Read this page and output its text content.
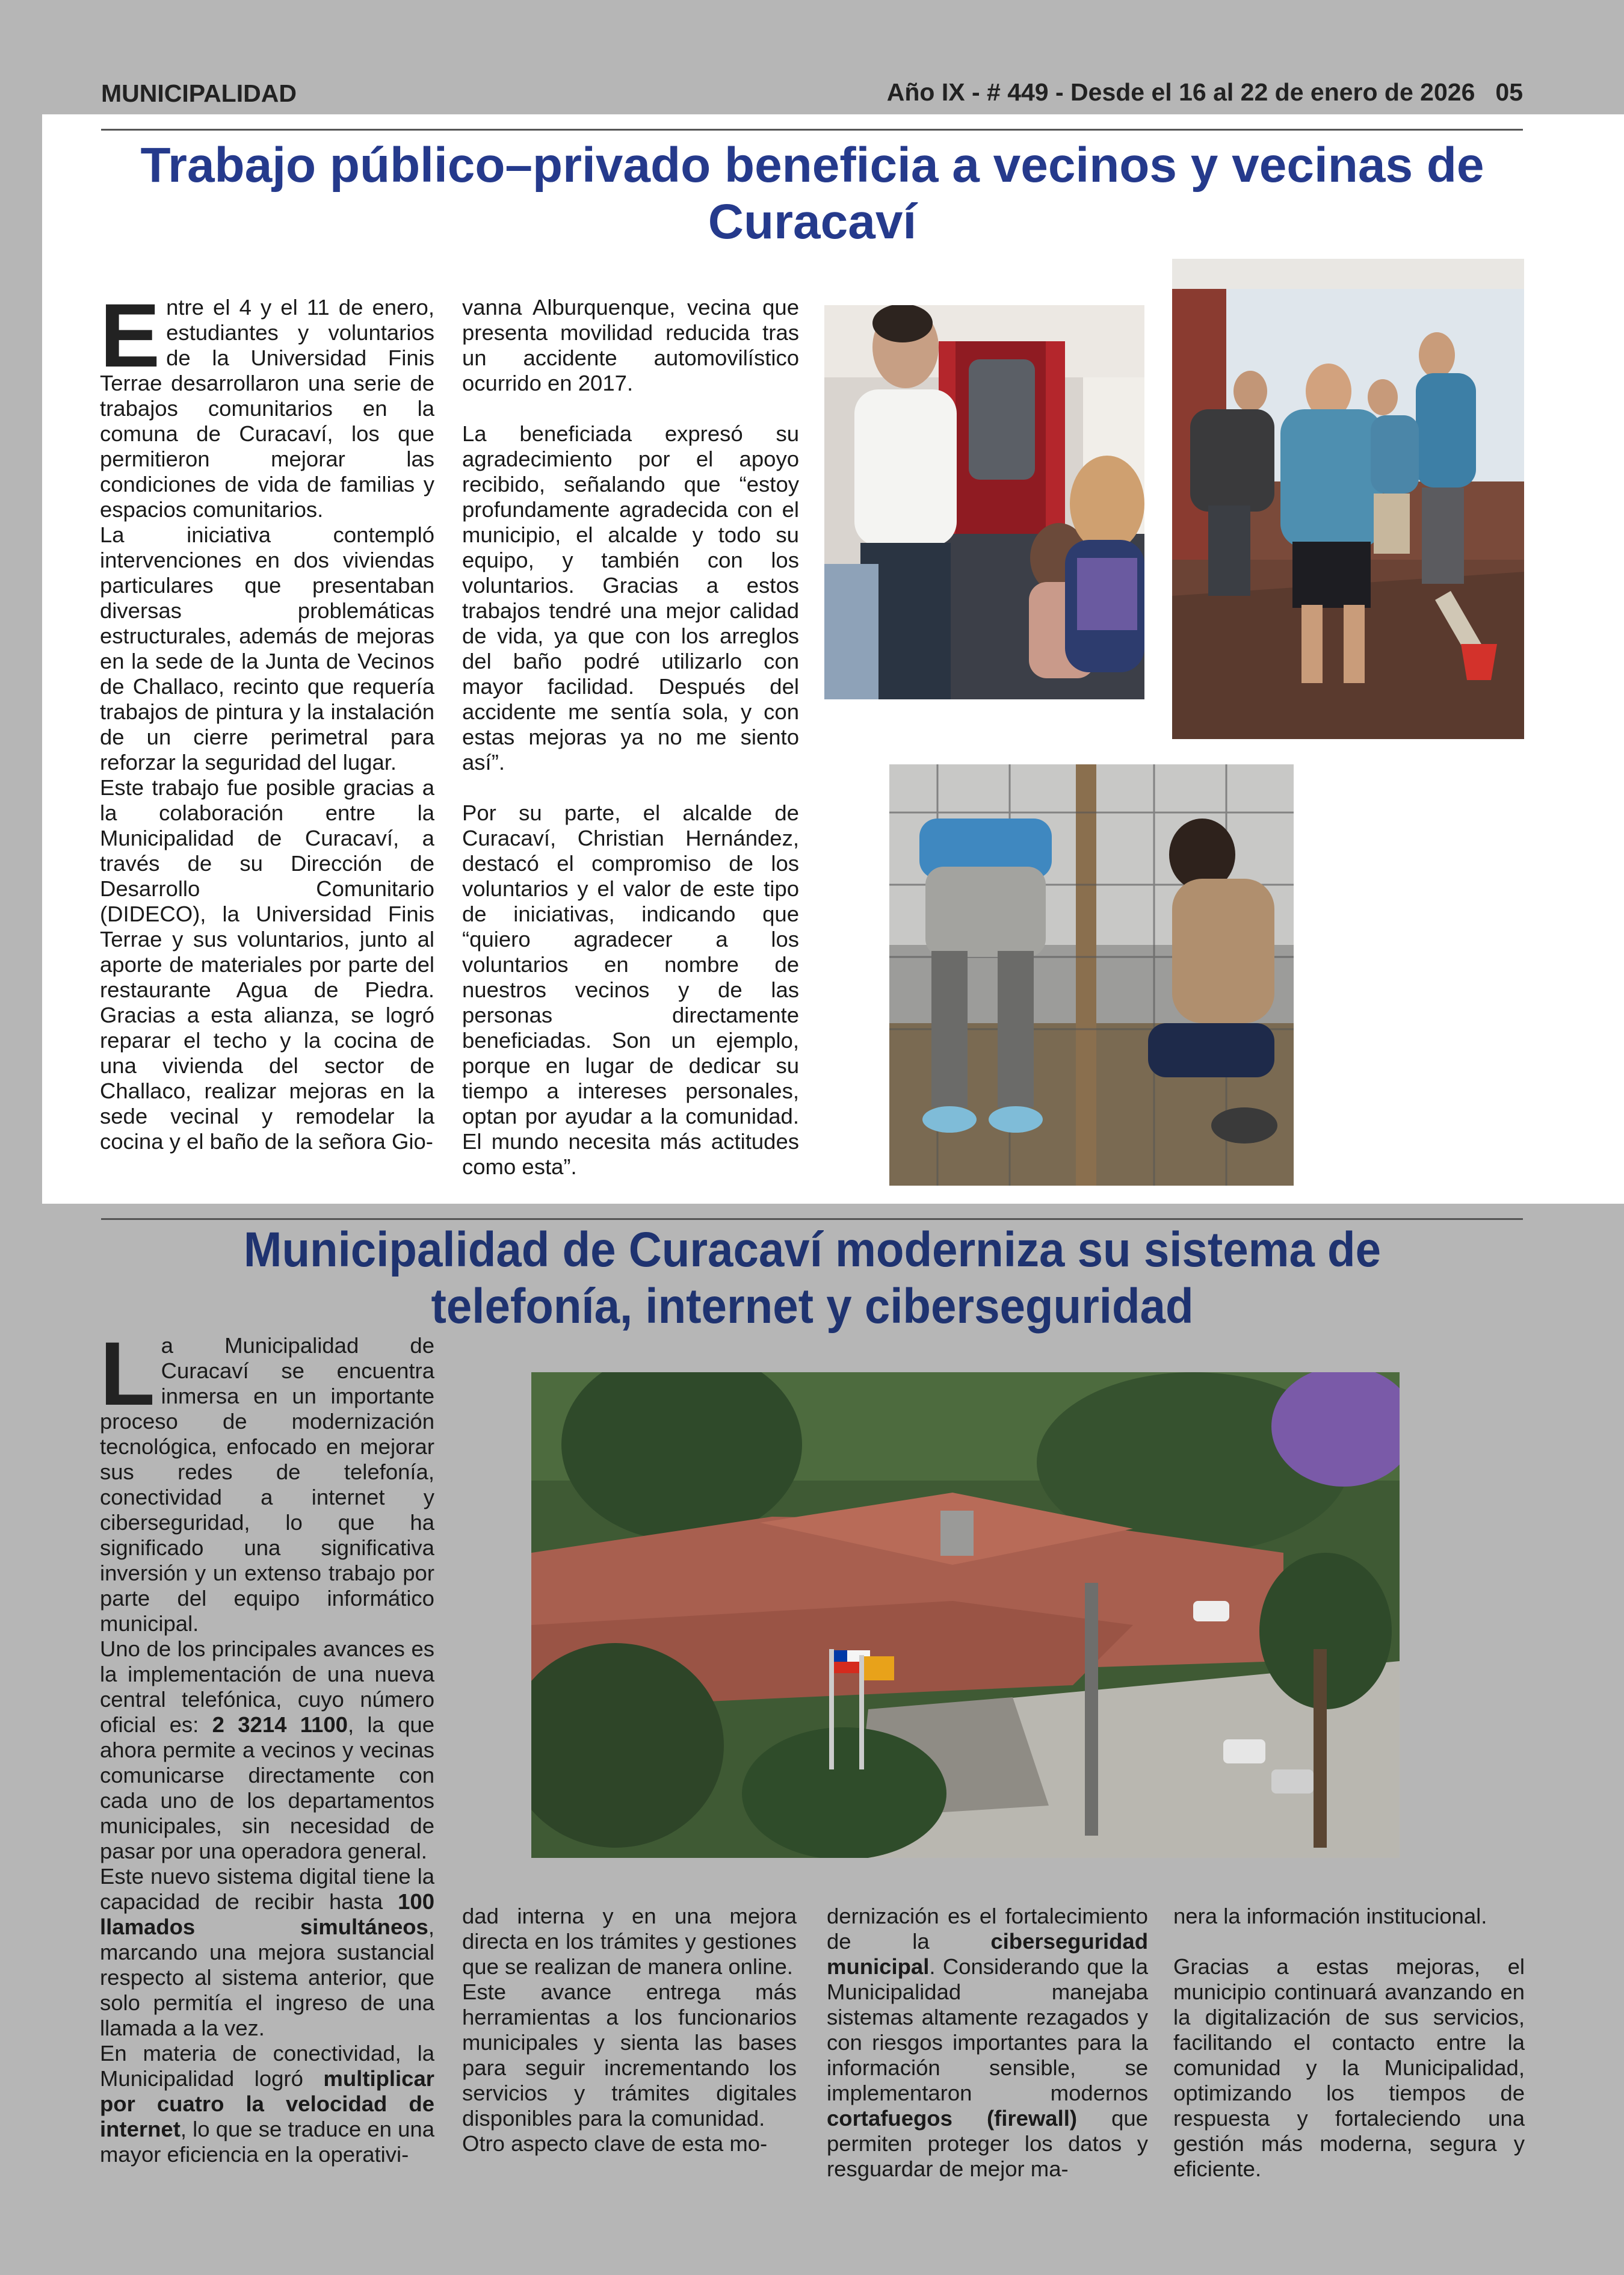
MUNICIPALIDAD	Año IX - # 449 - Desde el 16 al 22 de enero de 2026 05
Trabajo público–privado beneficia a vecinos y vecinas de Curacaví

Entre el 4 y el 11 de enero, estudiantes y voluntarios de la Universidad Finis Terrae desarrollaron una serie de trabajos comunitarios en la comuna de Curacaví, los que permitieron mejorar las condiciones de vida de familias y espacios comunitarios.

La iniciativa contempló intervenciones en dos viviendas particulares que presentaban diversas problemáticas estructurales, además de mejoras en la sede de la Junta de Vecinos de Challaco, recinto que requería trabajos de pintura y la instalación de un cierre perimetral para reforzar la seguridad del lugar.

Este trabajo fue posible gracias a la colaboración entre la Municipalidad de Curacaví, a través de su Dirección de Desarrollo Comunitario (DIDECO), la Universidad Finis Terrae y sus voluntarios, junto al aporte de materiales por parte del restaurante Agua de Piedra. Gracias a esta alianza, se logró reparar el techo y la cocina de una vivienda del sector de Challaco, realizar mejoras en la sede vecinal y remodelar la cocina y el baño de la señora Gio-

vanna Alburquenque, vecina que presenta movilidad reducida tras un accidente automovilístico ocurrido en 2017.

La beneficiada expresó su agradecimiento por el apoyo recibido, señalando que “estoy profundamente agradecida con el municipio, el alcalde y todo su equipo, y también con los voluntarios. Gracias a estos trabajos tendré una mejor calidad de vida, ya que con los arreglos del baño podré utilizarlo con mayor facilidad. Después del accidente me sentía sola, y con estas mejoras ya no me siento así”.

Por su parte, el alcalde de Curacaví, Christian Hernández, destacó el compromiso de los voluntarios y el valor de este tipo de iniciativas, indicando que “quiero agradecer a los voluntarios en nombre de nuestros vecinos y de las personas directamente beneficiadas. Son un ejemplo, porque en lugar de dedicar su tiempo a intereses personales, optan por ayudar a la comunidad. El mundo necesita más actitudes como esta”.

Municipalidad de Curacaví moderniza su sistema de telefonía, internet y ciberseguridad

La Municipalidad de Curacaví se encuentra inmersa en un importante proceso de modernización tecnológica, enfocado en mejorar sus redes de telefonía, conectividad a internet y ciberseguridad, lo que ha significado una significativa inversión y un extenso trabajo por parte del equipo informático municipal.

Uno de los principales avances es la implementación de una nueva central telefónica, cuyo número oficial es: 2 3214 1100, la que ahora permite a vecinos y vecinas comunicarse directamente con cada uno de los departamentos municipales, sin necesidad de pasar por una operadora general.

Este nuevo sistema digital tiene la capacidad de recibir hasta 100 llamados simultáneos, marcando una mejora sustancial respecto al sistema anterior, que solo permitía el ingreso de una llamada a la vez.

En materia de conectividad, la Municipalidad logró multiplicar por cuatro la velocidad de internet, lo que se traduce en una mayor eficiencia en la operativi-

dad interna y en una mejora directa en los trámites y gestiones que se realizan de manera online.

Este avance entrega más herramientas a los funcionarios municipales y sienta las bases para seguir incrementando los servicios y trámites digitales disponibles para la comunidad.

Otro aspecto clave de esta mo-

dernización es el fortalecimiento de la ciberseguridad municipal. Considerando que la Municipalidad manejaba sistemas altamente rezagados y con riesgos importantes para la información sensible, se implementaron modernos cortafuegos (firewall) que permiten proteger los datos y resguardar de mejor ma-

nera la información institucional.

Gracias a estas mejoras, el municipio continuará avanzando en la digitalización de sus servicios, facilitando el contacto entre la comunidad y la Municipalidad, optimizando los tiempos de respuesta y fortaleciendo una gestión más moderna, segura y eficiente.
